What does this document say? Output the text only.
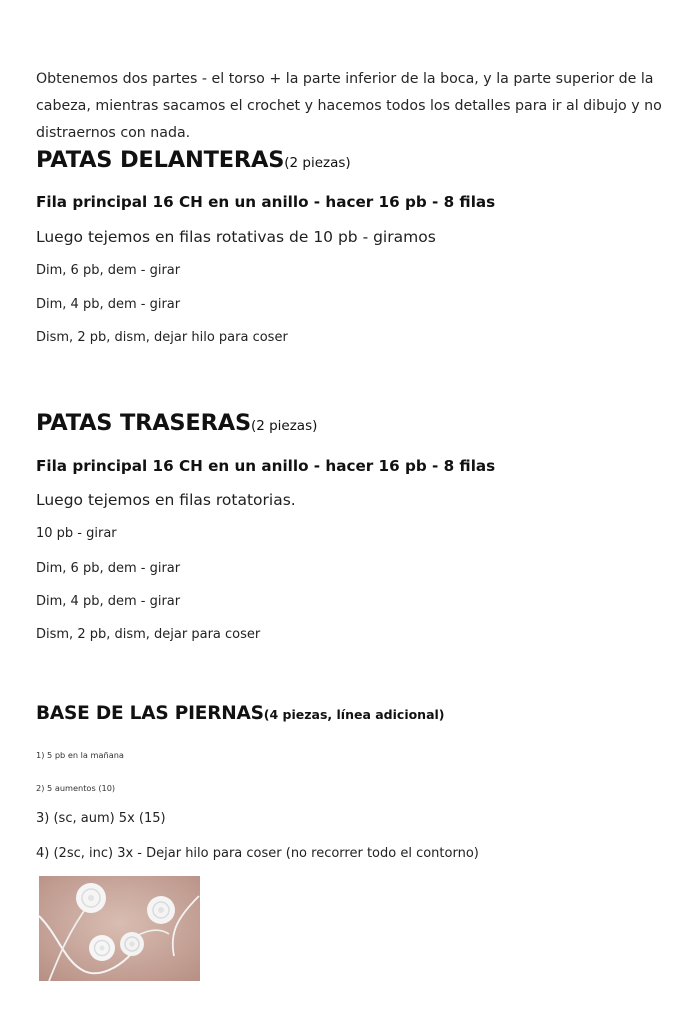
Obtenemos dos partes - el torso + la parte inferior de la boca, y la parte superior de la cabeza, mientras sacamos el crochet y hacemos todos los detalles para ir al dibujo y no distraernos con nada.
PATAS DELANTERAS(2 piezas)
Fila principal 16 CH en un anillo - hacer 16 pb - 8 filas
Luego tejemos en filas rotativas de 10 pb - giramos
Dim, 6 pb, dem - girar
Dim, 4 pb, dem - girar
Dism, 2 pb, dism, dejar hilo para coser
PATAS TRASERAS(2 piezas)
Fila principal 16 CH en un anillo - hacer 16 pb - 8 filas
Luego tejemos en filas rotatorias.
10 pb - girar
Dim, 6 pb, dem - girar
Dim, 4 pb, dem - girar
Dism, 2 pb, dism, dejar para coser
BASE DE LAS PIERNAS(4 piezas, línea adicional)
1) 5 pb en la mañana
2) 5 aumentos (10)
3) (sc, aum) 5x (15)
4) (2sc, inc) 3x - Dejar hilo para coser (no recorrer todo el contorno)
